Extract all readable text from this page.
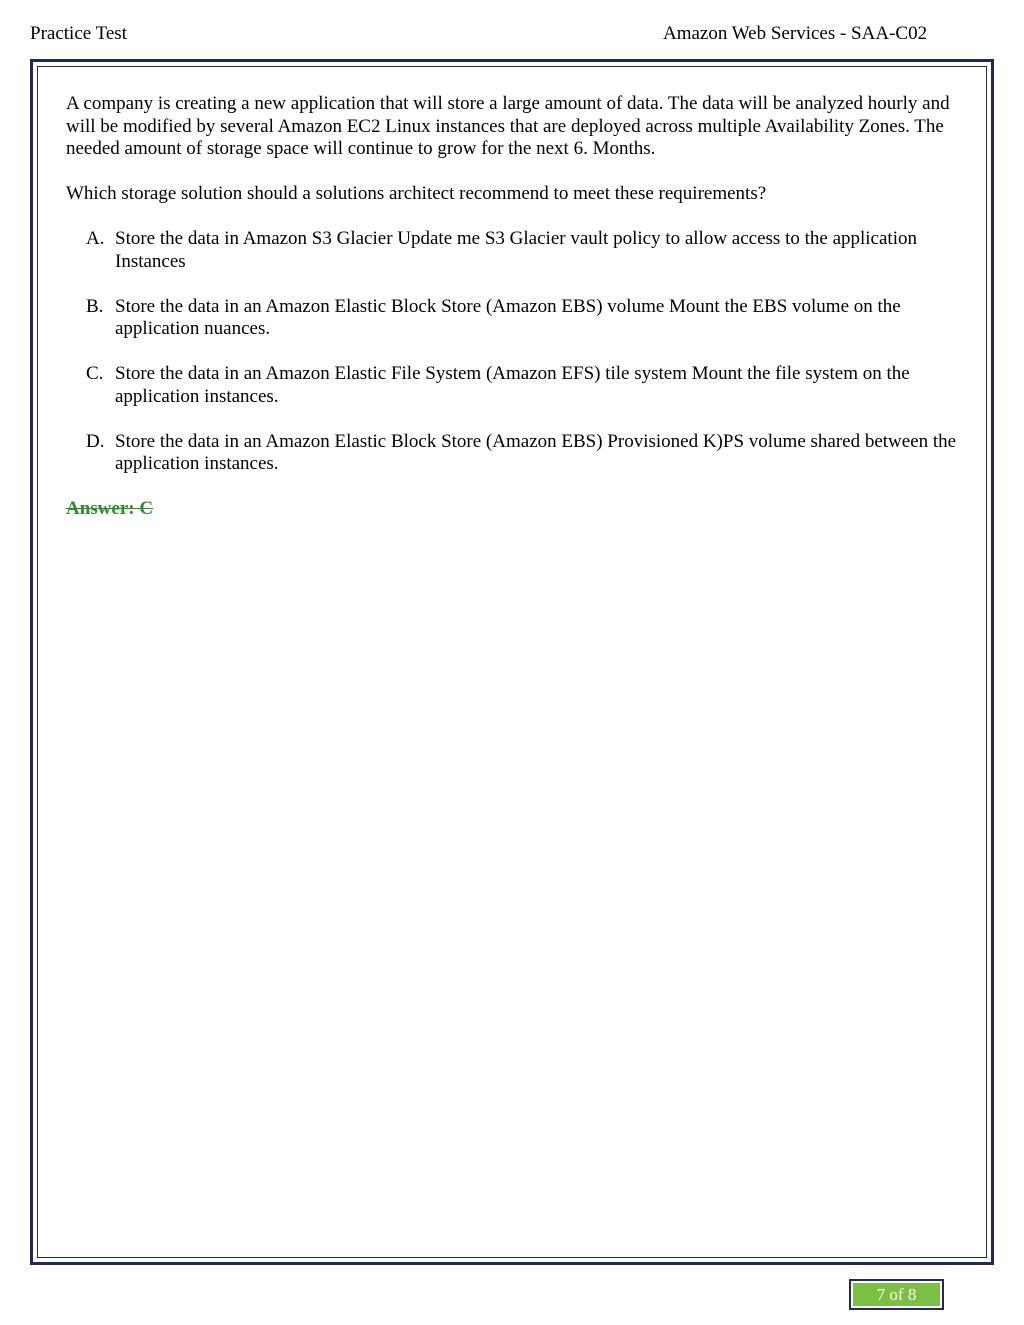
Practice Test	Amazon Web Services - SAA-C02

A company is creating a new application that will store a large amount of data. The data will be analyzed hourly and will be modified by several Amazon EC2 Linux instances that are deployed across multiple Availability Zones. The needed amount of storage space will continue to grow for the next 6. Months.

Which storage solution should a solutions architect recommend to meet these requirements?

A. Store the data in Amazon S3 Glacier Update me S3 Glacier vault policy to allow access to the application Instances
B. Store the data in an Amazon Elastic Block Store (Amazon EBS) volume Mount the EBS volume on the application nuances.
C. Store the data in an Amazon Elastic File System (Amazon EFS) tile system Mount the file system on the application instances.
D. Store the data in an Amazon Elastic Block Store (Amazon EBS) Provisioned K)PS volume shared between the application instances.
Answer: C
7 of 8
